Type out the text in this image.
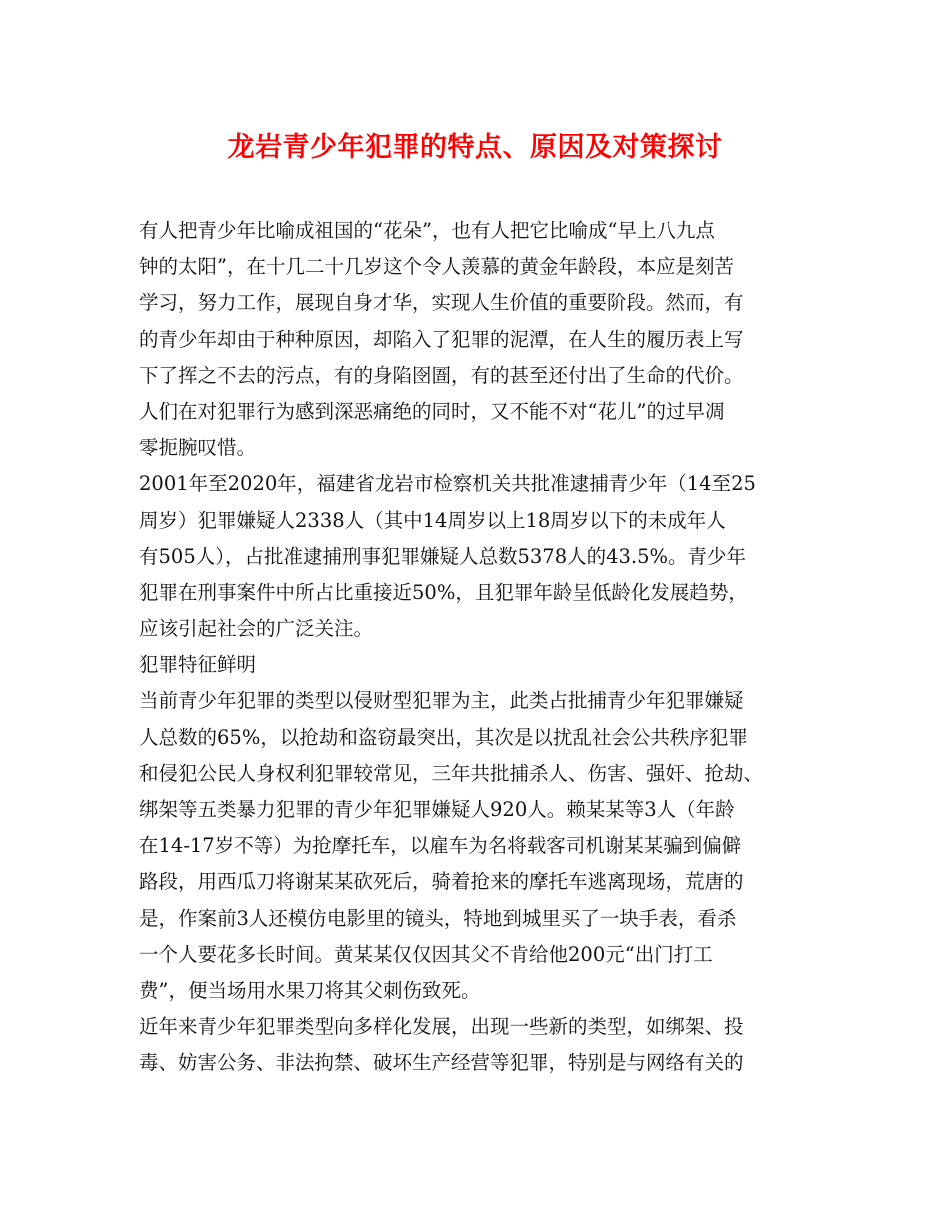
龙岩青少年犯罪的特点、原因及对策探讨
有人把青少年比喻成祖国的“花朵”，也有人把它比喻成“早上八九点
钟的太阳”，在十几二十几岁这个令人羡慕的黄金年龄段，本应是刻苦
学习，努力工作，展现自身才华，实现人生价值的重要阶段。然而，有
的青少年却由于种种原因，却陷入了犯罪的泥潭，在人生的履历表上写
下了挥之不去的污点，有的身陷囹圄，有的甚至还付出了生命的代价。
人们在对犯罪行为感到深恶痛绝的同时，又不能不对“花儿”的过早凋
零扼腕叹惜。
2001年至2020年，福建省龙岩市检察机关共批准逮捕青少年（14至25
周岁）犯罪嫌疑人2338人（其中14周岁以上18周岁以下的未成年人
有505人），占批准逮捕刑事犯罪嫌疑人总数5378人的43.5%。青少年
犯罪在刑事案件中所占比重接近50%，且犯罪年龄呈低龄化发展趋势，
应该引起社会的广泛关注。
犯罪特征鲜明
当前青少年犯罪的类型以侵财型犯罪为主，此类占批捕青少年犯罪嫌疑
人总数的65%，以抢劫和盗窃最突出，其次是以扰乱社会公共秩序犯罪
和侵犯公民人身权利犯罪较常见，三年共批捕杀人、伤害、强奸、抢劫、
绑架等五类暴力犯罪的青少年犯罪嫌疑人920人。赖某某等3人（年龄
在14-17岁不等）为抢摩托车，以雇车为名将载客司机谢某某骗到偏僻
路段，用西瓜刀将谢某某砍死后，骑着抢来的摩托车逃离现场，荒唐的
是，作案前3人还模仿电影里的镜头，特地到城里买了一块手表，看杀
一个人要花多长时间。黄某某仅仅因其父不肯给他200元“出门打工
费”，便当场用水果刀将其父刺伤致死。
近年来青少年犯罪类型向多样化发展，出现一些新的类型，如绑架、投
毒、妨害公务、非法拘禁、破坏生产经营等犯罪，特别是与网络有关的
